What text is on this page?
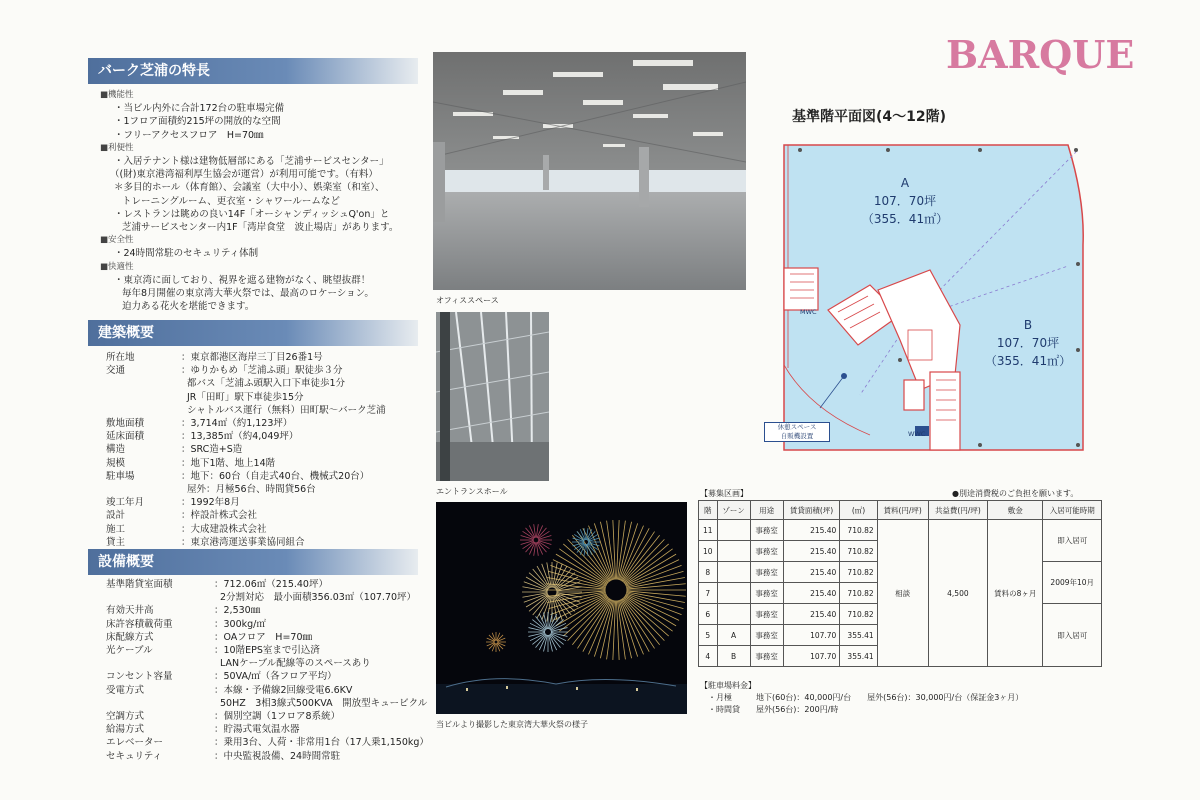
バーク芝浦の特長
■機能性
・当ビル内外に合計172台の駐車場完備
・1フロア面積約215坪の開放的な空間
・フリーアクセスフロア　H=70㎜
■利便性
・入居テナント様は建物低層部にある「芝浦サービスセンター」
（(財)東京港湾福利厚生協会が運営）が利用可能です。（有料）
＊多目的ホール（体育館）、会議室（大中小）、娯楽室（和室）、
トレーニングルーム、更衣室・シャワールームなど
・レストランは眺めの良い14F「オーシャンディッシュQ'on」と
芝浦サービスセンター内1F「湾岸食堂　波止場店」があります。
■安全性
・24時間常駐のセキュリティ体制
■快適性
・東京湾に面しており、視界を遮る建物がなく、眺望抜群！
毎年8月開催の東京湾大華火祭では、最高のロケーション。
迫力ある花火を堪能できます。
建築概要
所在地	：東京都港区海岸三丁目26番1号
交通	：ゆりかもめ「芝浦ふ頭」駅徒歩３分
都バス「芝浦ふ頭駅入口下車徒歩1分
JR「田町」駅下車徒歩15分
シャトルバス運行（無料）田町駅～バーク芝浦
敷地面積	：3,714㎡（約1,123坪）
延床面積	：13,385㎡（約4,049坪）
構造	：SRC造+S造
規模	：地下1階、地上14階
駐車場	：地下：60台（自走式40台、機械式20台）
屋外：月極56台、時間貸56台
竣工年月	：1992年8月
設計	：梓設計株式会社
施工	：大成建設株式会社
貸主	：東京港湾運送事業協同組合
設備概要
基準階貸室面積	：712.06㎡（215.40坪）
2分割対応　最小面積356.03㎡（107.70坪）
有効天井高	：2,530㎜
床許容積載荷重	：300kg/㎡
床配線方式	：OAフロア　H=70㎜
光ケーブル	：10階EPS室まで引込済
LANケーブル配線等のスペースあり
コンセント容量	：50VA/㎡（各フロア平均）
受電方式	：本線・予備線2回線受電6.6KV
50HZ　3相3線式500KVA　開放型キュービクル
空調方式	：個別空調（1フロア8系統）
給湯方式	：貯湯式電気温水器
エレベーター	：乗用3台、人荷・非常用1台（17人乗1,150kg）
セキュリティ	：中央監視設備、24時間常駐
オフィススペース
エントランスホール
当ビルより撮影した東京湾大華火祭の様子
BARQUE
基準階平面図(4～12階)
A
107．70坪
（355．41㎡）
B
107．70坪
（355．41㎡）
MWC
WWC
休憩スペース
自販機設置
【募集区画】	●別途消費税のご負担を願います。
階	ゾーン	用途	賃貸面積(坪)	(㎡)	賃料(円/坪)	共益費(円/坪)	敷金	入居可能時期
11		事務室	215.40	710.82	相談	4,500	賃料の8ヶ月	即入居可
10		事務室	215.40	710.82				
8		事務室	215.40	710.82				2009年10月
7		事務室	215.40	710.82				
6		事務室	215.40	710.82				即入居可
5	A	事務室	107.70	355.41				
4	B	事務室	107.70	355.41				
【駐車場料金】
・月極	地下(60台)：40,000円/台　　屋外(56台)：30,000円/台（保証金3ヶ月）
・時間貸 屋外(56台)：200円/時
